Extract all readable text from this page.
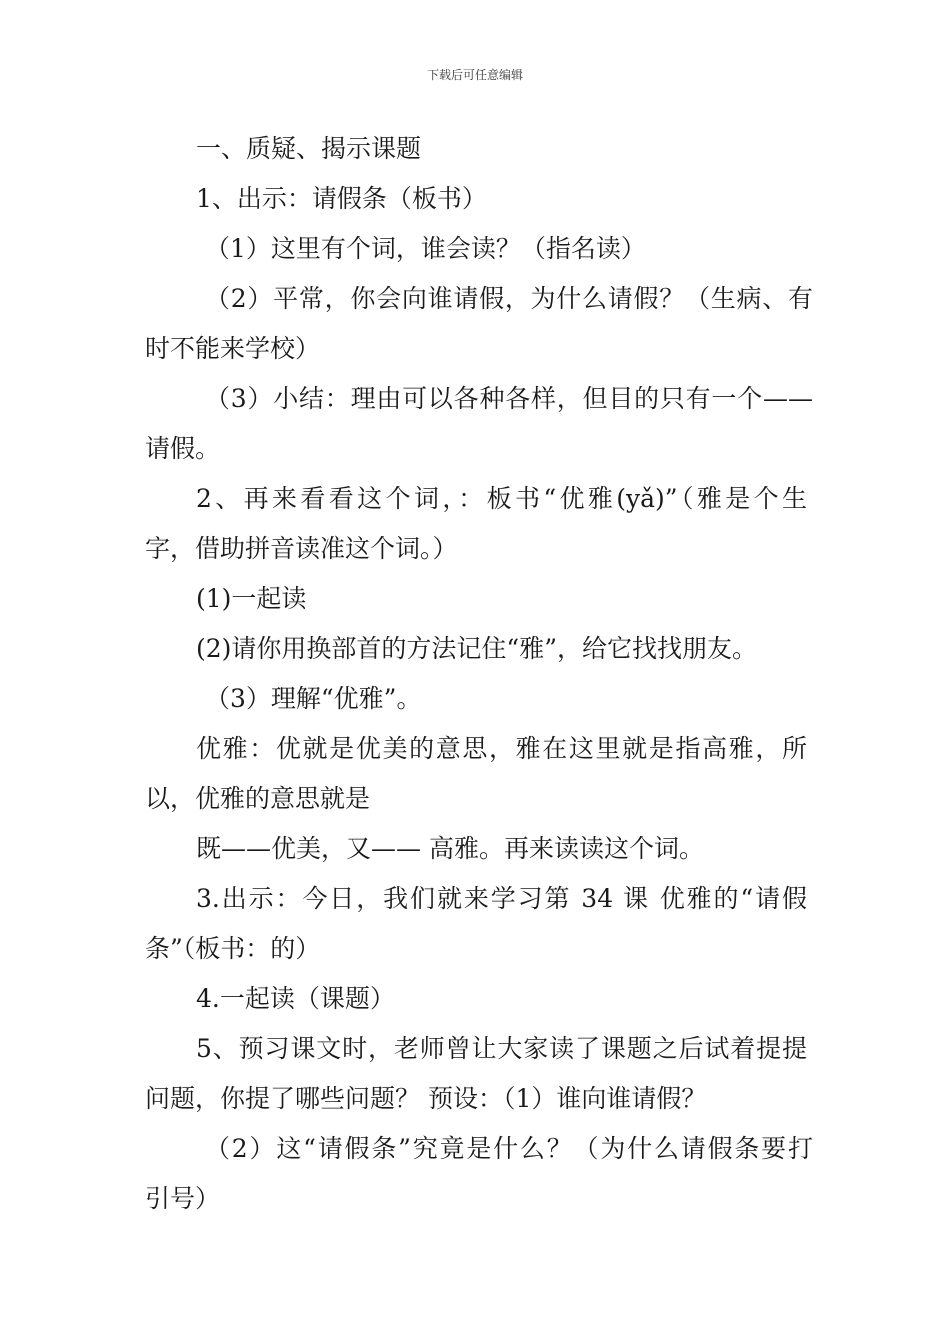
下载后可任意编辑
一、质疑、揭示课题
1、出示：请假条（板书）
（1）这里有个词，谁会读？（指名读）
（2）平常，你会向谁请假，为什么请假？（生病、有
时不能来学校）
（3）小结：理由可以各种各样，但目的只有一个——
请假。
2、再来看看这个词，：板书“优雅(yǎ)”（雅是个生
字，借助拼音读准这个词。）
(1)一起读
(2)请你用换部首的方法记住“雅”，给它找找朋友。
（3）理解“优雅”。
优雅：优就是优美的意思，雅在这里就是指高雅，所
以，优雅的意思就是
既——优美，又—— 高雅。再来读读这个词。
3.出示：今日，我们就来学习第 34 课 优雅的“请假
条”（板书：的）
4.一起读（课题）
5、预习课文时，老师曾让大家读了课题之后试着提提
问题，你提了哪些问题？ 预设：（1）谁向谁请假？
（2）这“请假条”究竟是什么？（为什么请假条要打
引号）
